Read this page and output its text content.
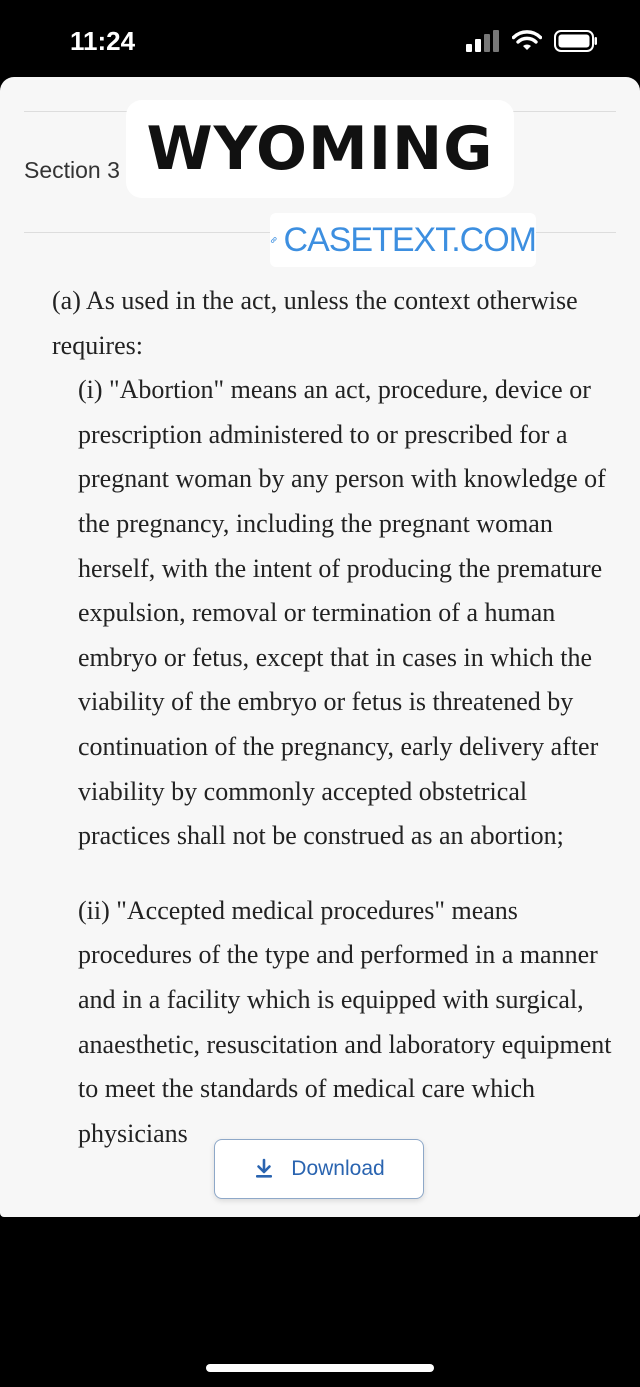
11:24
Section 3 WYOMING
CASETEXT.COM

(a) As used in the act, unless the context otherwise requires:

(i) "Abortion" means an act, procedure, device or prescription administered to or prescribed for a pregnant woman by any person with knowledge of the pregnancy, including the pregnant woman herself, with the intent of producing the premature expulsion, removal or termination of a human embryo or fetus, except that in cases in which the viability of the embryo or fetus is threatened by continuation of the pregnancy, early delivery after viability by commonly accepted obstetrical practices shall not be construed as an abortion;

(ii) "Accepted medical procedures" means procedures of the type and performed in a manner and in a facility which is equipped with surgical, anaesthetic, resuscitation and laboratory equipment to meet the standards of medical care which physicians

Download
